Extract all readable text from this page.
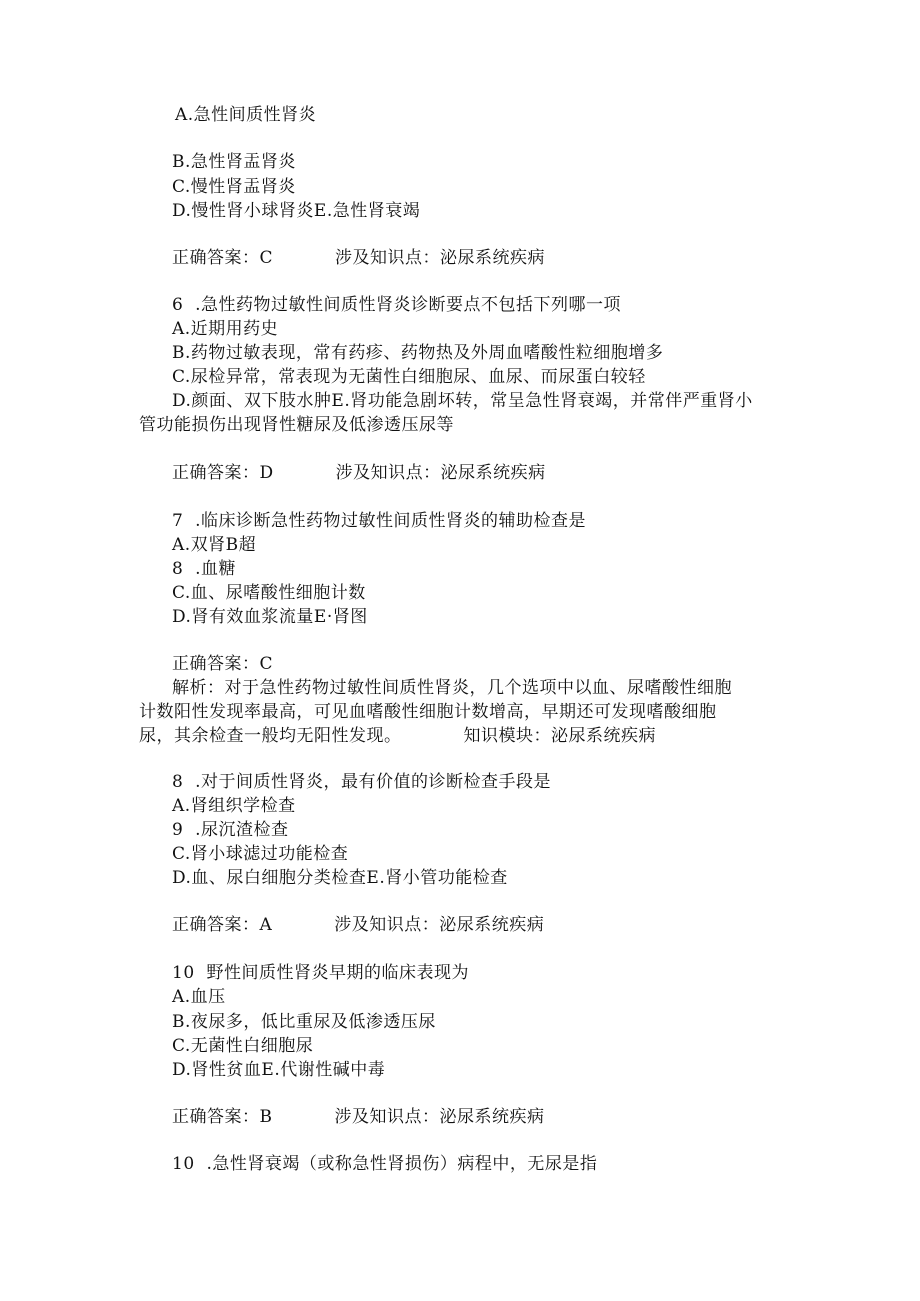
A.急性间质性肾炎
B.急性肾盂肾炎
C.慢性肾盂肾炎
D.慢性肾小球肾炎E.急性肾衰竭
正确答案：C	涉及知识点：泌尿系统疾病
6  .急性药物过敏性间质性肾炎诊断要点不包括下列哪一项
A.近期用药史
B.药物过敏表现，常有药疹、药物热及外周血嗜酸性粒细胞增多
C.尿检异常，常表现为无菌性白细胞尿、血尿、而尿蛋白较轻
D.颜面、双下肢水肿E.肾功能急剧坏转，常呈急性肾衰竭，并常伴严重肾小
管功能损伤出现肾性糖尿及低渗透压尿等
正确答案：D	涉及知识点：泌尿系统疾病
7  .临床诊断急性药物过敏性间质性肾炎的辅助检查是
A.双肾B超
8  .血糖
C.血、尿嗜酸性细胞计数
D.肾有效血浆流量E·肾图
正确答案：C
解析：对于急性药物过敏性间质性肾炎，几个选项中以血、尿嗜酸性细胞
计数阳性发现率最高，可见血嗜酸性细胞计数增高，早期还可发现嗜酸细胞
尿，其余检查一般均无阳性发现。	知识模块：泌尿系统疾病
8  .对于间质性肾炎，最有价值的诊断检查手段是
A.肾组织学检查
9  .尿沉渣检查
C.肾小球滤过功能检查
D.血、尿白细胞分类检查E.肾小管功能检查
正确答案：A	涉及知识点：泌尿系统疾病
10  野性间质性肾炎早期的临床表现为
A.血压
B.夜尿多，低比重尿及低渗透压尿
C.无菌性白细胞尿
D.肾性贫血E.代谢性碱中毒
正确答案：B	涉及知识点：泌尿系统疾病
10  .急性肾衰竭（或称急性肾损伤）病程中，无尿是指
